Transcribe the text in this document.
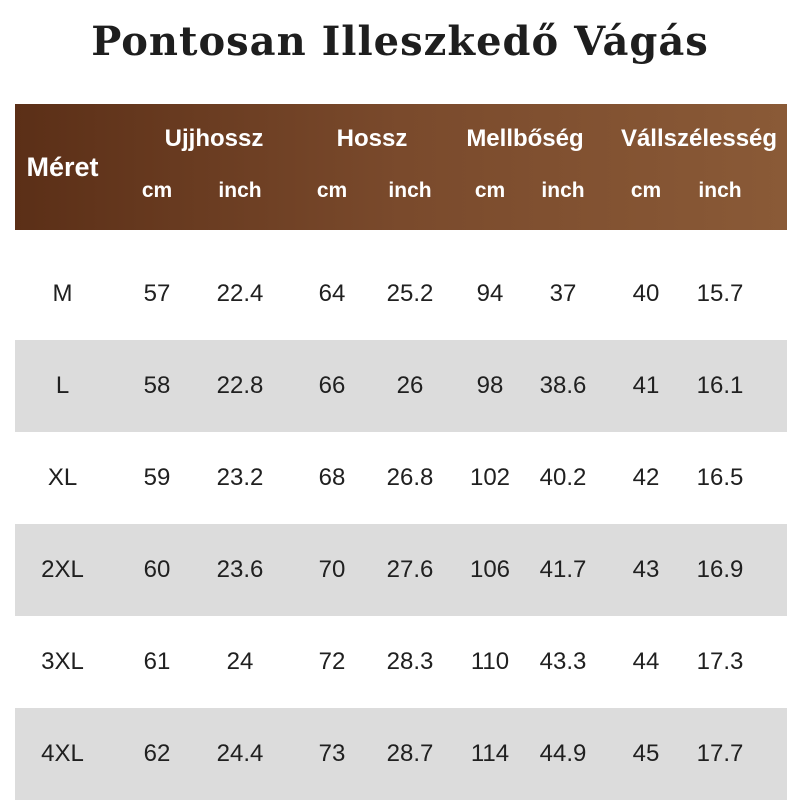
Pontosan Illeszkedő Vágás
Méret
Ujjhossz	Hossz	Mellbőség	Vállszélesség
cm	inch	cm	inch	cm	inch	cm	inch
M	57	22.4	64	25.2	94	37	40	15.7
L	58	22.8	66	26	98	38.6	41	16.1
XL	59	23.2	68	26.8	102	40.2	42	16.5
2XL	60	23.6	70	27.6	106	41.7	43	16.9
3XL	61	24	72	28.3	110	43.3	44	17.3
4XL	62	24.4	73	28.7	114	44.9	45	17.7
